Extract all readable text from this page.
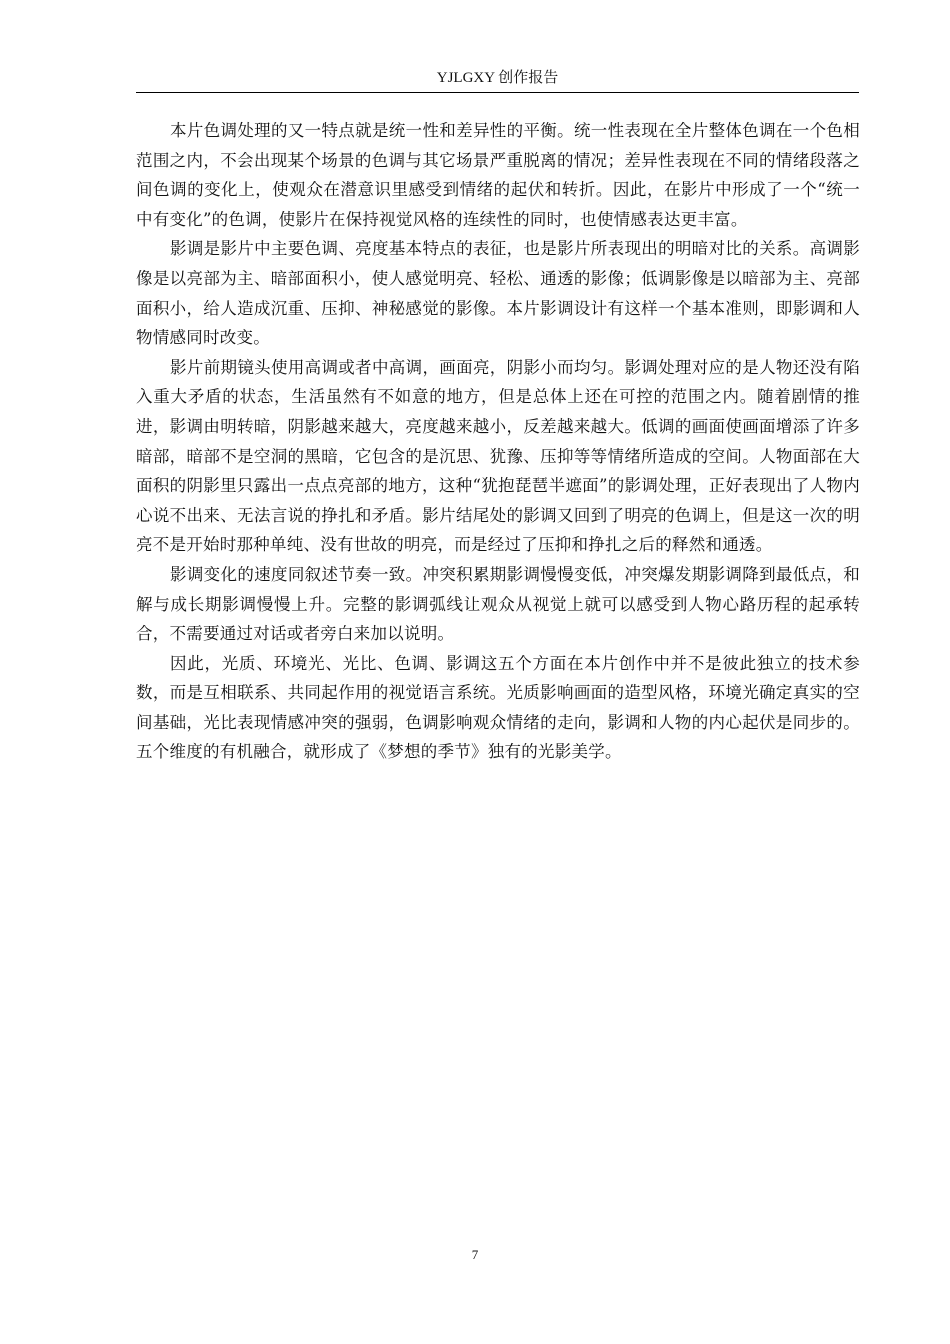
YJLGXY 创作报告

本片色调处理的又一特点就是统一性和差异性的平衡。统一性表现在全片整体色调在一个色相范围之内，不会出现某个场景的色调与其它场景严重脱离的情况；差异性表现在不同的情绪段落之间色调的变化上，使观众在潜意识里感受到情绪的起伏和转折。因此，在影片中形成了一个“统一中有变化”的色调，使影片在保持视觉风格的连续性的同时，也使情感表达更丰富。

影调是影片中主要色调、亮度基本特点的表征，也是影片所表现出的明暗对比的关系。高调影像是以亮部为主、暗部面积小，使人感觉明亮、轻松、通透的影像；低调影像是以暗部为主、亮部面积小，给人造成沉重、压抑、神秘感觉的影像。本片影调设计有这样一个基本准则，即影调和人物情感同时改变。

影片前期镜头使用高调或者中高调，画面亮，阴影小而均匀。影调处理对应的是人物还没有陷入重大矛盾的状态，生活虽然有不如意的地方，但是总体上还在可控的范围之内。随着剧情的推进，影调由明转暗，阴影越来越大，亮度越来越小，反差越来越大。低调的画面使画面增添了许多暗部，暗部不是空洞的黑暗，它包含的是沉思、犹豫、压抑等等情绪所造成的空间。人物面部在大面积的阴影里只露出一点点亮部的地方，这种“犹抱琵琶半遮面”的影调处理，正好表现出了人物内心说不出来、无法言说的挣扎和矛盾。影片结尾处的影调又回到了明亮的色调上，但是这一次的明亮不是开始时那种单纯、没有世故的明亮，而是经过了压抑和挣扎之后的释然和通透。

影调变化的速度同叙述节奏一致。冲突积累期影调慢慢变低，冲突爆发期影调降到最低点，和解与成长期影调慢慢上升。完整的影调弧线让观众从视觉上就可以感受到人物心路历程的起承转合，不需要通过对话或者旁白来加以说明。

因此，光质、环境光、光比、色调、影调这五个方面在本片创作中并不是彼此独立的技术参数，而是互相联系、共同起作用的视觉语言系统。光质影响画面的造型风格，环境光确定真实的空间基础，光比表现情感冲突的强弱，色调影响观众情绪的走向，影调和人物的内心起伏是同步的。五个维度的有机融合，就形成了《梦想的季节》独有的光影美学。

7
